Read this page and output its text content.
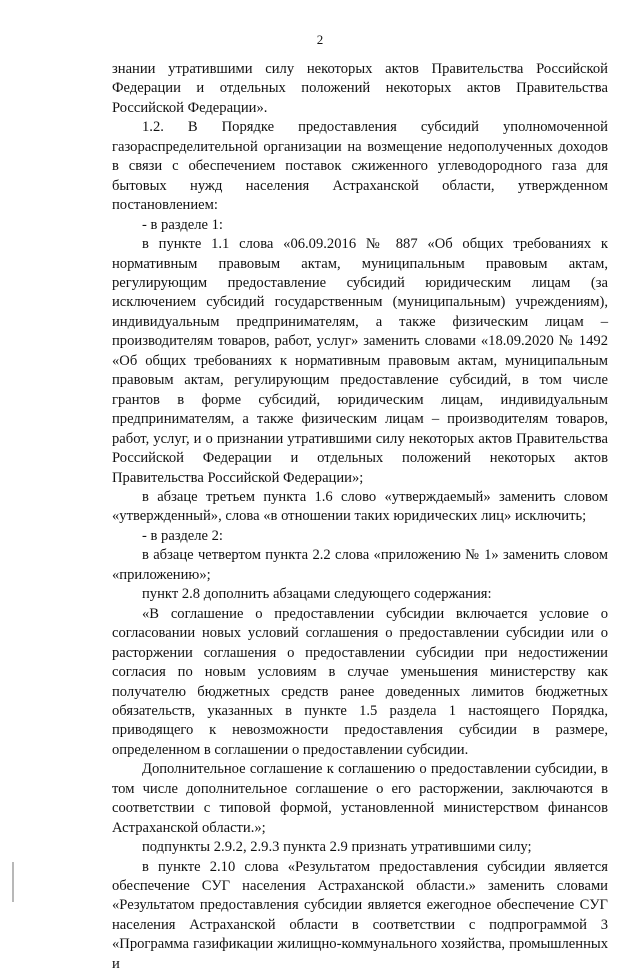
2

знании утратившими силу некоторых актов Правительства Российской Федерации и отдельных положений некоторых актов Правительства Российской Федерации».

1.2. В Порядке предоставления субсидий уполномоченной газораспределительной организации на возмещение недополученных доходов в связи с обеспечением поставок сжиженного углеводородного газа для бытовых нужд населения Астраханской области, утвержденном постановлением:

- в разделе 1:

в пункте 1.1 слова «06.09.2016 № 887 «Об общих требованиях к нормативным правовым актам, муниципальным правовым актам, регулирующим предоставление субсидий юридическим лицам (за исключением субсидий государственным (муниципальным) учреждениям), индивидуальным предпринимателям, а также физическим лицам – производителям товаров, работ, услуг» заменить словами «18.09.2020 № 1492 «Об общих требованиях к нормативным правовым актам, муниципальным правовым актам, регулирующим предоставление субсидий, в том числе грантов в форме субсидий, юридическим лицам, индивидуальным предпринимателям, а также физическим лицам – производителям товаров, работ, услуг, и о признании утратившими силу некоторых актов Правительства Российской Федерации и отдельных положений некоторых актов Правительства Российской Федерации»;

в абзаце третьем пункта 1.6 слово «утверждаемый» заменить словом «утвержденный», слова «в отношении таких юридических лиц» исключить;

- в разделе 2:

в абзаце четвертом пункта 2.2 слова «приложению № 1» заменить словом «приложению»;

пункт 2.8 дополнить абзацами следующего содержания:

«В соглашение о предоставлении субсидии включается условие о согласовании новых условий соглашения о предоставлении субсидии или о расторжении соглашения о предоставлении субсидии при недостижении согласия по новым условиям в случае уменьшения министерству как получателю бюджетных средств ранее доведенных лимитов бюджетных обязательств, указанных в пункте 1.5 раздела 1 настоящего Порядка, приводящего к невозможности предоставления субсидии в размере, определенном в соглашении о предоставлении субсидии.

Дополнительное соглашение к соглашению о предоставлении субсидии, в том числе дополнительное соглашение о его расторжении, заключаются в соответствии с типовой формой, установленной министерством финансов Астраханской области.»;

подпункты 2.9.2, 2.9.3 пункта 2.9 признать утратившими силу;

в пункте 2.10 слова «Результатом предоставления субсидии является обеспечение СУГ населения Астраханской области.» заменить словами «Результатом предоставления субсидии является ежегодное обеспечение СУГ населения Астраханской области в соответствии с подпрограммой 3 «Программа газификации жилищно-коммунального хозяйства, промышленных и
